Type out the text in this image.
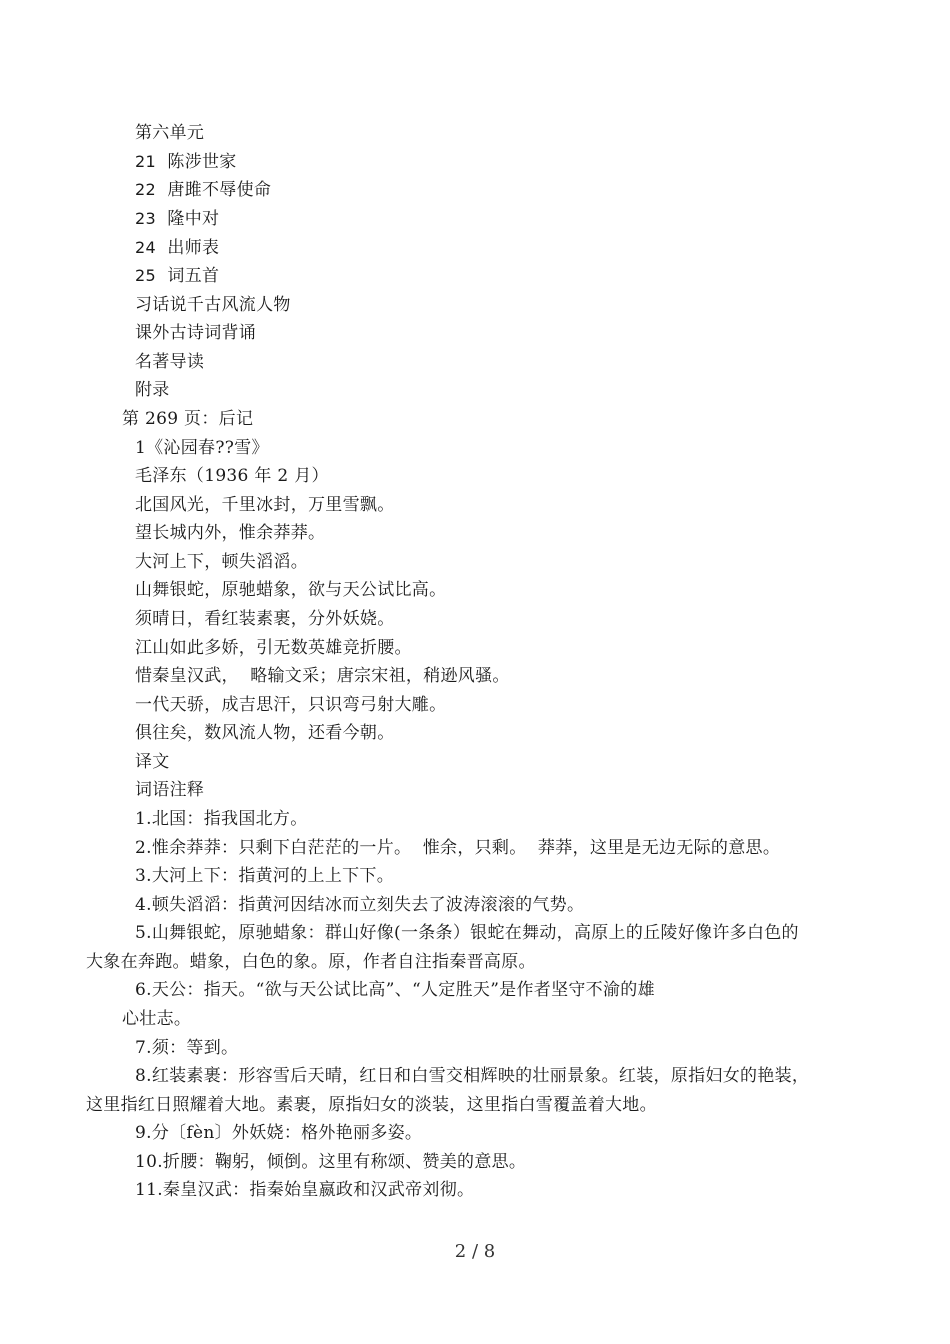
第六单元
21 陈涉世家
22 唐雎不辱使命
23 隆中对
24 出师表
25 词五首
习话说千古风流人物
课外古诗词背诵
名著导读
附录
第 269 页：后记
1《沁园春??雪》
毛泽东（1936 年 2 月）
北国风光，千里冰封，万里雪飘。
望长城内外，惟余莽莽。
大河上下，顿失滔滔。
山舞银蛇，原驰蜡象，欲与天公试比高。
须晴日，看红装素裹，分外妖娆。
江山如此多娇，引无数英雄竞折腰。
惜秦皇汉武，  略输文采；唐宗宋祖，稍逊风骚。
一代天骄，成吉思汗，只识弯弓射大雕。
俱往矣，数风流人物，还看今朝。
译文
词语注释
1.北国：指我国北方。
2.惟余莽莽：只剩下白茫茫的一片。  惟余，只剩。  莽莽，这里是无边无际的意思。
3.大河上下：指黄河的上上下下。
4.顿失滔滔：指黄河因结冰而立刻失去了波涛滚滚的气势。
5.山舞银蛇，原驰蜡象：群山好像(一条条）银蛇在舞动，高原上的丘陵好像许多白色的
大象在奔跑。蜡象，白色的象。原，作者自注指秦晋高原。
6.天公：指天。“欲与天公试比高”、“人定胜天”是作者坚守不渝的雄
心壮志。
7.须：等到。
8.红装素裹：形容雪后天晴，红日和白雪交相辉映的壮丽景象。红装，原指妇女的艳装，
这里指红日照耀着大地。素裹，原指妇女的淡装，这里指白雪覆盖着大地。
9.分〔fèn〕外妖娆：格外艳丽多姿。
10.折腰：鞠躬，倾倒。这里有称颂、赞美的意思。
11.秦皇汉武：指秦始皇嬴政和汉武帝刘彻。
2 / 8
